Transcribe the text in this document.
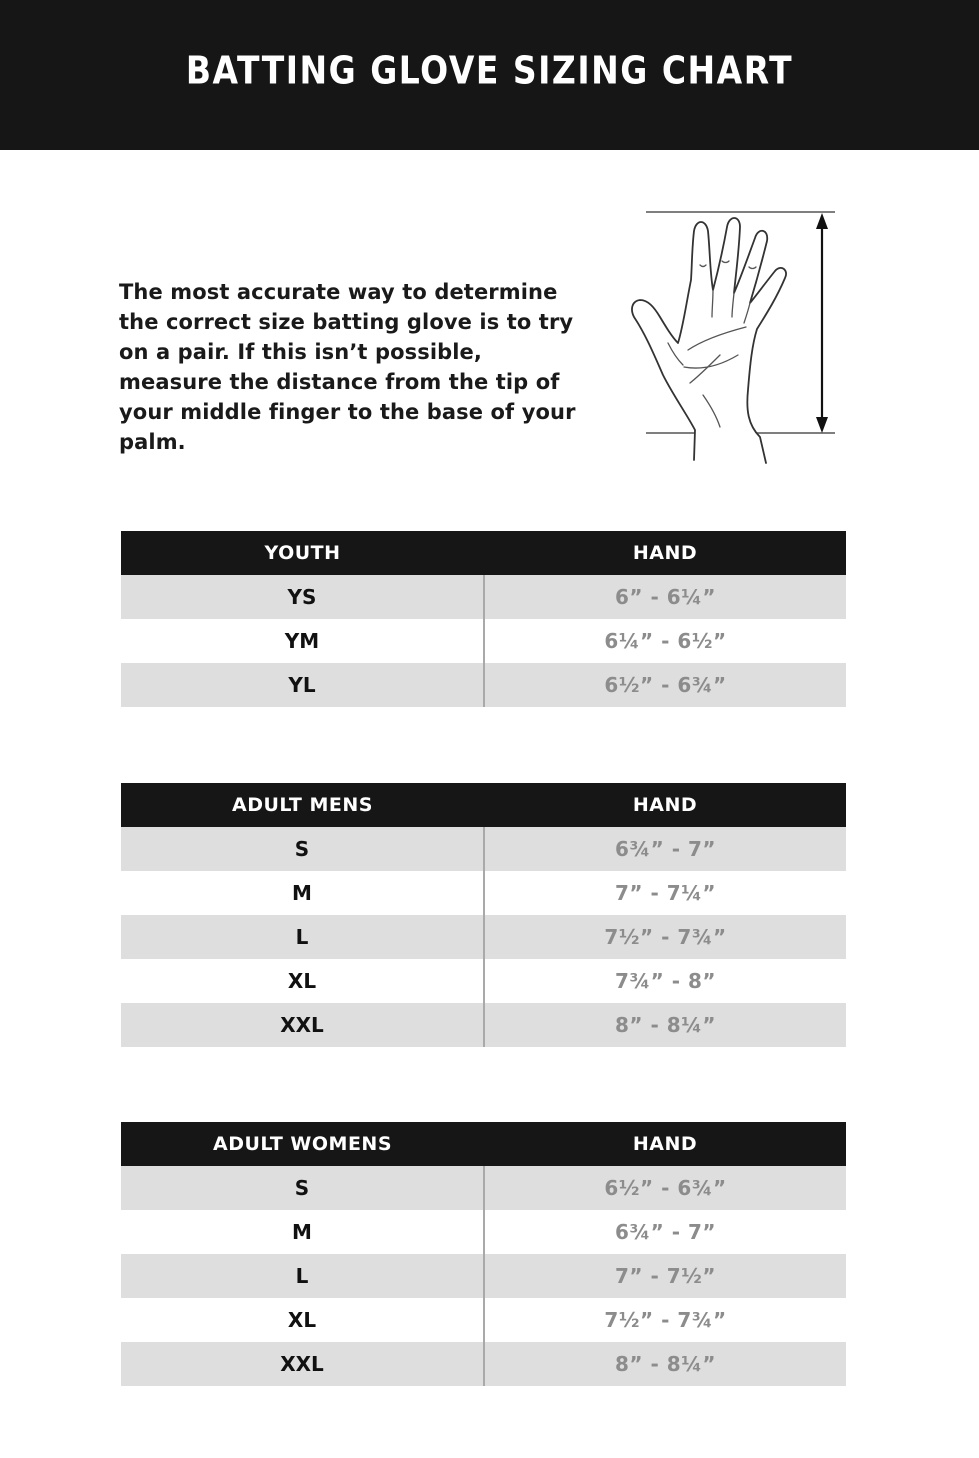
BATTING GLOVE SIZING CHART

The most accurate way to determine the correct size batting glove is to try on a pair. If this isn’t possible, measure the distance from the tip of your middle finger to the base of your palm.

YOUTH	HAND
YS	6” - 6¼”
YM	6¼” - 6½”
YL	6½” - 6¾”
ADULT MENS	HAND
S	6¾” - 7”
M	7” - 7¼”
L	7½” - 7¾”
XL	7¾” - 8”
XXL	8” - 8¼”
ADULT WOMENS	HAND
S	6½” - 6¾”
M	6¾” - 7”
L	7” - 7½”
XL	7½” - 7¾”
XXL	8” - 8¼”
